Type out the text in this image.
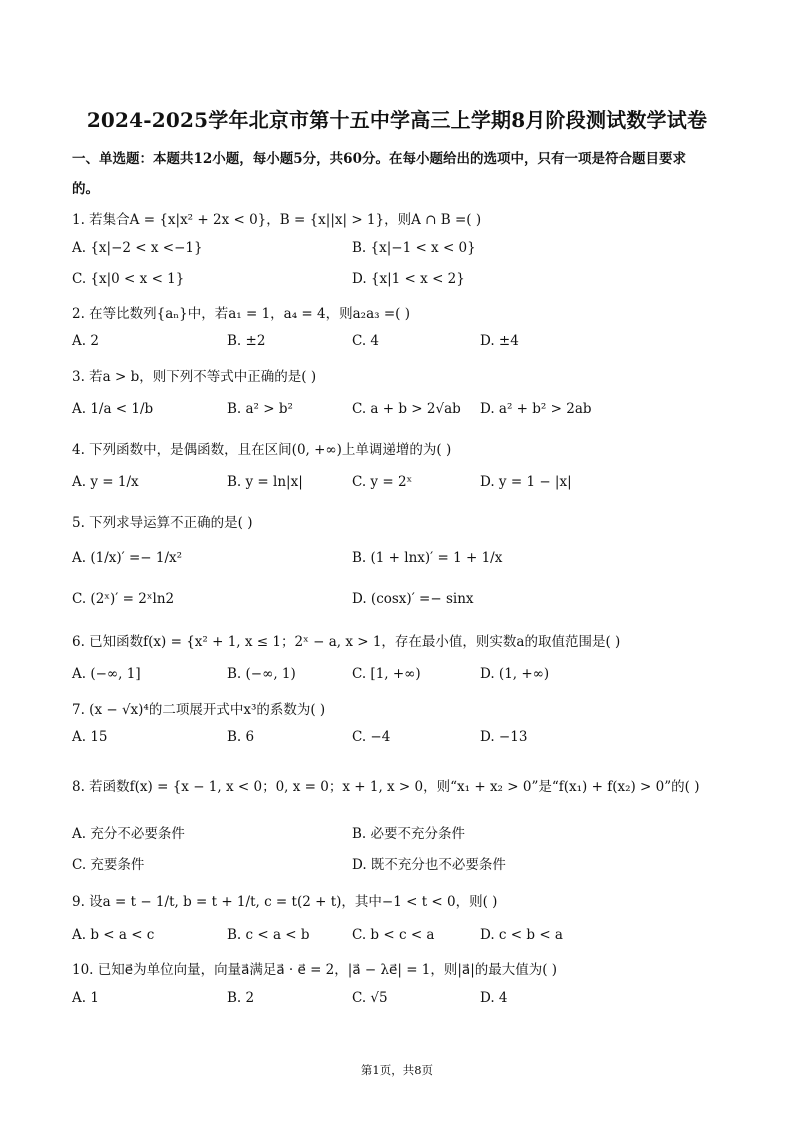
2024-2025学年北京市第十五中学高三上学期8月阶段测试数学试卷
一、单选题：本题共12小题，每小题5分，共60分。在每小题给出的选项中，只有一项是符合题目要求
的。
1. 若集合A = {x|x² + 2x < 0}，B = {x||x| > 1}，则A ∩ B =( )
A. {x|−2 < x <−1}	B. {x|−1 < x < 0}
C. {x|0 < x < 1}	D. {x|1 < x < 2}
2. 在等比数列{aₙ}中，若a₁ = 1，a₄ = 4，则a₂a₃ =( )
A. 2	B. ±2	C. 4	D. ±4
3. 若a > b，则下列不等式中正确的是( )
A. 1/a < 1/b	B. a² > b²	C. a + b > 2√ab D. a² + b² > 2ab
4. 下列函数中，是偶函数，且在区间(0, +∞)上单调递增的为( )
A. y = 1/x	B. y = ln|x|	C. y = 2ˣ	D. y = 1 − |x|
5. 下列求导运算不正确的是( )
A. (1/x)′ =− 1/x²	B. (1 + lnx)′ = 1 + 1/x
C. (2ˣ)′ = 2ˣln2	D. (cosx)′ =− sinx
6. 已知函数f(x) = {x² + 1, x ≤ 1；2ˣ − a, x > 1，存在最小值，则实数a的取值范围是( )
A. (−∞, 1]	B. (−∞, 1)	C. [1, +∞)	D. (1, +∞)
7. (x − √x)⁴的二项展开式中x³的系数为( )
A. 15	B. 6	C. −4	D. −13
8. 若函数f(x) = {x − 1, x < 0；0, x = 0；x + 1, x > 0，则“x₁ + x₂ > 0”是“f(x₁) + f(x₂) > 0”的( )
A. 充分不必要条件	B. 必要不充分条件
C. 充要条件	D. 既不充分也不必要条件
9. 设a = t − 1/t, b = t + 1/t, c = t(2 + t)，其中−1 < t < 0，则( )
A. b < a < c	B. c < a < b	C. b < c < a	D. c < b < a
10. 已知e⃗为单位向量，向量a⃗满足a⃗ · e⃗ = 2，|a⃗ − λe⃗| = 1，则|a⃗|的最大值为( )
A. 1	B. 2	C. √5	D. 4
第1页，共8页
